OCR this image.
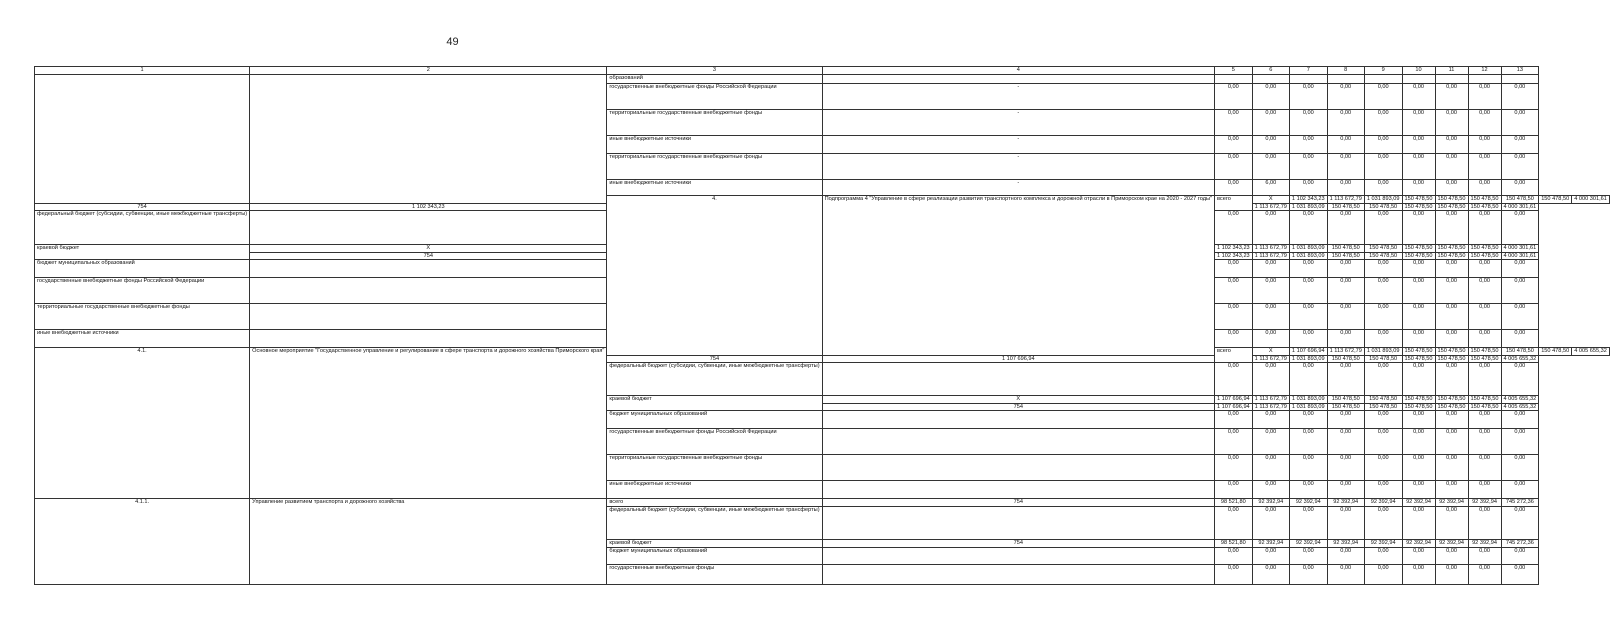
49
1	2	3	4	5	6	7	8	9	10	11	12	13		
		образований												
		государственные внебюджетные фонды Российской Федерации	-	0,00	0,00	0,00	0,00	0,00	0,00	0,00	0,00	0,00		
		территориальные государственные внебюджетные фонды	-	0,00	0,00	0,00	0,00	0,00	0,00	0,00	0,00	0,00		
		иные внебюджетные источники	-	0,00	0,00	0,00	0,00	0,00	0,00	0,00	0,00	0,00		
		территориальные государственные внебюджетные фонды	-	0,00	0,00	0,00	0,00	0,00	0,00	0,00	0,00	0,00		
		иные внебюджетные источники	-	0,00	6,00	0,00	0,00	0,00	0,00	0,00	0,00	0,00		
		4.	Подпрограмма 4 "Управление в сфере реализации развития транспортного комплекса и дорожной отрасли в Приморском крае на 2020 - 2027 годы"	всего	X	1 102 343,23	1 113 672,79	1 031 893,09	150 478,50	150 478,50	150 478,50	150 478,50	150 478,50	4 000 301,61
754	1 102 343,23				1 113 672,79	1 031 893,09	150 478,50	150 478,50	150 478,50	150 478,50	150 478,50	4 000 301,61		
федеральный бюджет (субсидии, субвенции, иные межбюджетные трансферты)				0,00	0,00	0,00	0,00	0,00	0,00	0,00	0,00	0,00		
краевой бюджет	X			1 102 343,23	1 113 672,79	1 031 893,09	150 478,50	150 478,50	150 478,50	150 478,50	150 478,50	4 000 301,61		
	754			1 102 343,23	1 113 672,79	1 031 893,09	150 478,50	150 478,50	150 478,50	150 478,50	150 478,50	4 000 301,61		
бюджет муниципальных образований				0,00	0,00	0,00	0,00	0,00	0,00	0,00	0,00	0,00		
государственные внебюджетные фонды Российской Федерации				0,00	0,00	0,00	0,00	0,00	0,00	0,00	0,00	0,00		
территориальные государственные внебюджетные фонды				0,00	0,00	0,00	0,00	0,00	0,00	0,00	0,00	0,00		
иные внебюджетные источники				0,00	0,00	0,00	0,00	0,00	0,00	0,00	0,00	0,00		
4.1.	Основное мероприятие "Государственное управление и регулирование в сфере транспорта и дорожного хозяйства Приморского края"			всего	X	1 107 696,94	1 113 672,79	1 031 893,09	150 478,50	150 478,50	150 478,50	150 478,50	150 478,50	4 005 655,32
		754	1 107 696,94		1 113 672,79	1 031 893,09	150 478,50	150 478,50	150 478,50	150 478,50	150 478,50	4 005 655,32		
		федеральный бюджет (субсидии, субвенции, иные межбюджетные трансферты)		0,00	0,00	0,00	0,00	0,00	0,00	0,00	0,00	0,00		
		краевой бюджет	X	1 107 696,94	1 113 672,79	1 031 893,09	150 478,50	150 478,50	150 478,50	150 478,50	150 478,50	4 005 655,32		
			754	1 107 696,94	1 113 672,79	1 031 893,09	150 478,50	150 478,50	150 478,50	150 478,50	150 478,50	4 005 655,32		
		бюджет муниципальных образований		0,00	0,00	0,00	0,00	0,00	0,00	0,00	0,00	0,00		
		государственные внебюджетные фонды Российской Федерации		0,00	0,00	0,00	0,00	0,00	0,00	0,00	0,00	0,00		
		территориальные государственные внебюджетные фонды		0,00	0,00	0,00	0,00	0,00	0,00	0,00	0,00	0,00		
		иные внебюджетные источники		0,00	0,00	0,00	0,00	0,00	0,00	0,00	0,00	0,00		
4.1.1.	Управление развитием транспорта и дорожного хозяйства	всего	754	98 521,80	92 392,94	92 392,94	92 392,94	92 392,94	92 392,94	92 392,94	92 392,94	745 272,36		
		федеральный бюджет (субсидии, субвенции, иные межбюджетные трансферты)		0,00	0,00	0,00	0,00	0,00	0,00	0,00	0,00	0,00		
		краевой бюджет	754	98 521,80	92 392,94	92 392,94	92 392,94	92 392,94	92 392,94	92 392,94	92 392,94	745 272,36		
		бюджет муниципальных образований		0,00	0,00	0,00	0,00	0,00	0,00	0,00	0,00	0,00		
		государственные внебюджетные фонды		0,00	0,00	0,00	0,00	0,00	0,00	0,00	0,00	0,00		
